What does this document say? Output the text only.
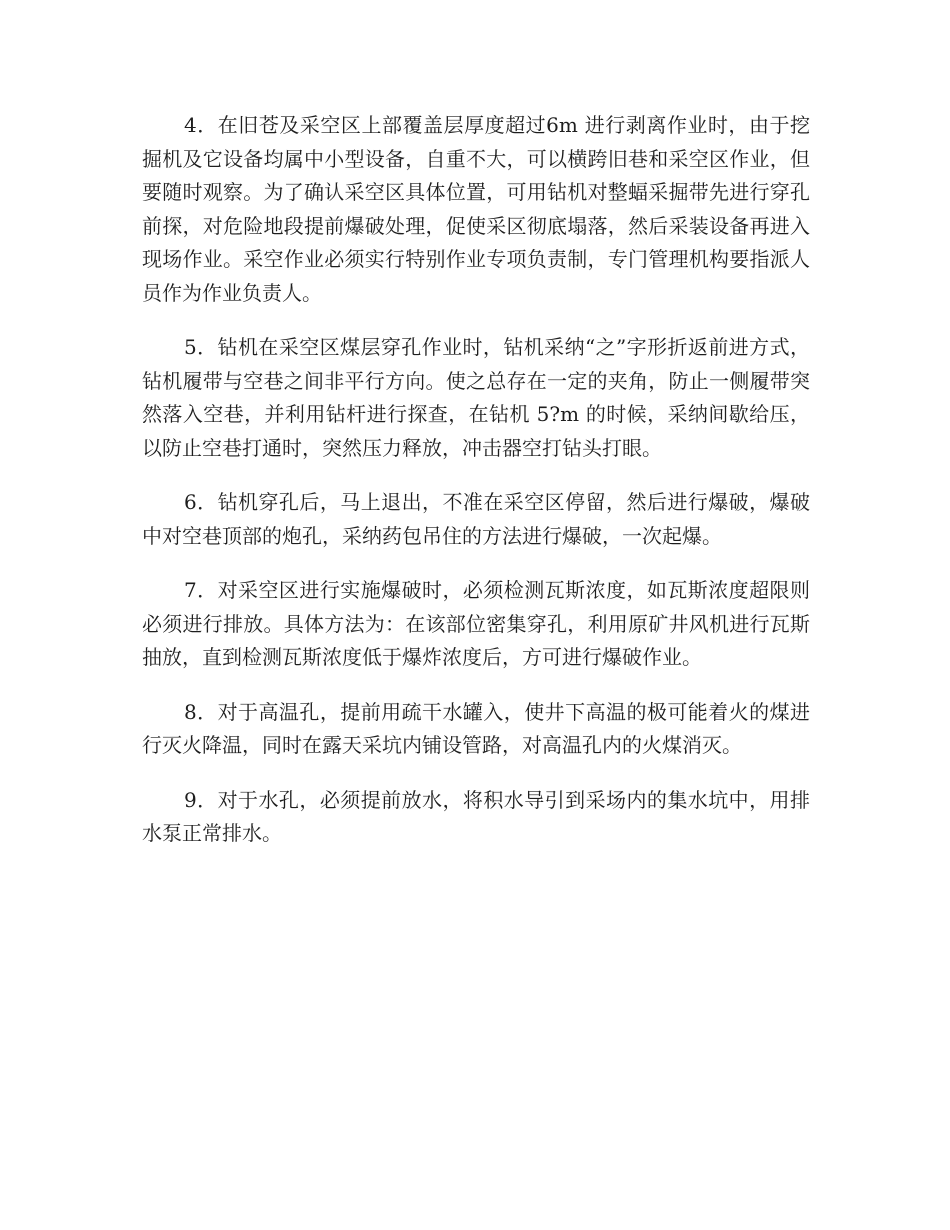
4．在旧苍及采空区上部覆盖层厚度超过6m 进行剥离作业时，由于挖掘机及它设备均属中小型设备，自重不大，可以横跨旧巷和采空区作业，但要随时观察。为了确认采空区具体位置，可用钻机对整蝠采掘带先进行穿孔前探，对危险地段提前爆破处理，促使采区彻底塌落，然后采装设备再进入现场作业。采空作业必须实行特别作业专项负责制，专门管理机构要指派人员作为作业负责人。

5．钻机在采空区煤层穿孔作业时，钻机采纳“之”字形折返前进方式，钻机履带与空巷之间非平行方向。使之总存在一定的夹角，防止一侧履带突然落入空巷，并利用钻杆进行探查，在钻机 5?m 的时候，采纳间歇给压，以防止空巷打通时，突然压力释放，冲击器空打钻头打眼。

6．钻机穿孔后，马上退出，不准在采空区停留，然后进行爆破，爆破中对空巷顶部的炮孔，采纳药包吊住的方法进行爆破，一次起爆。

7．对采空区进行实施爆破时，必须检测瓦斯浓度，如瓦斯浓度超限则必须进行排放。具体方法为：在该部位密集穿孔，利用原矿井风机进行瓦斯抽放，直到检测瓦斯浓度低于爆炸浓度后，方可进行爆破作业。

8．对于高温孔，提前用疏干水罐入，使井下高温的极可能着火的煤进行灭火降温，同时在露天采坑内铺设管路，对高温孔内的火煤消灭。

9．对于水孔，必须提前放水，将积水导引到采场内的集水坑中，用排水泵正常排水。
